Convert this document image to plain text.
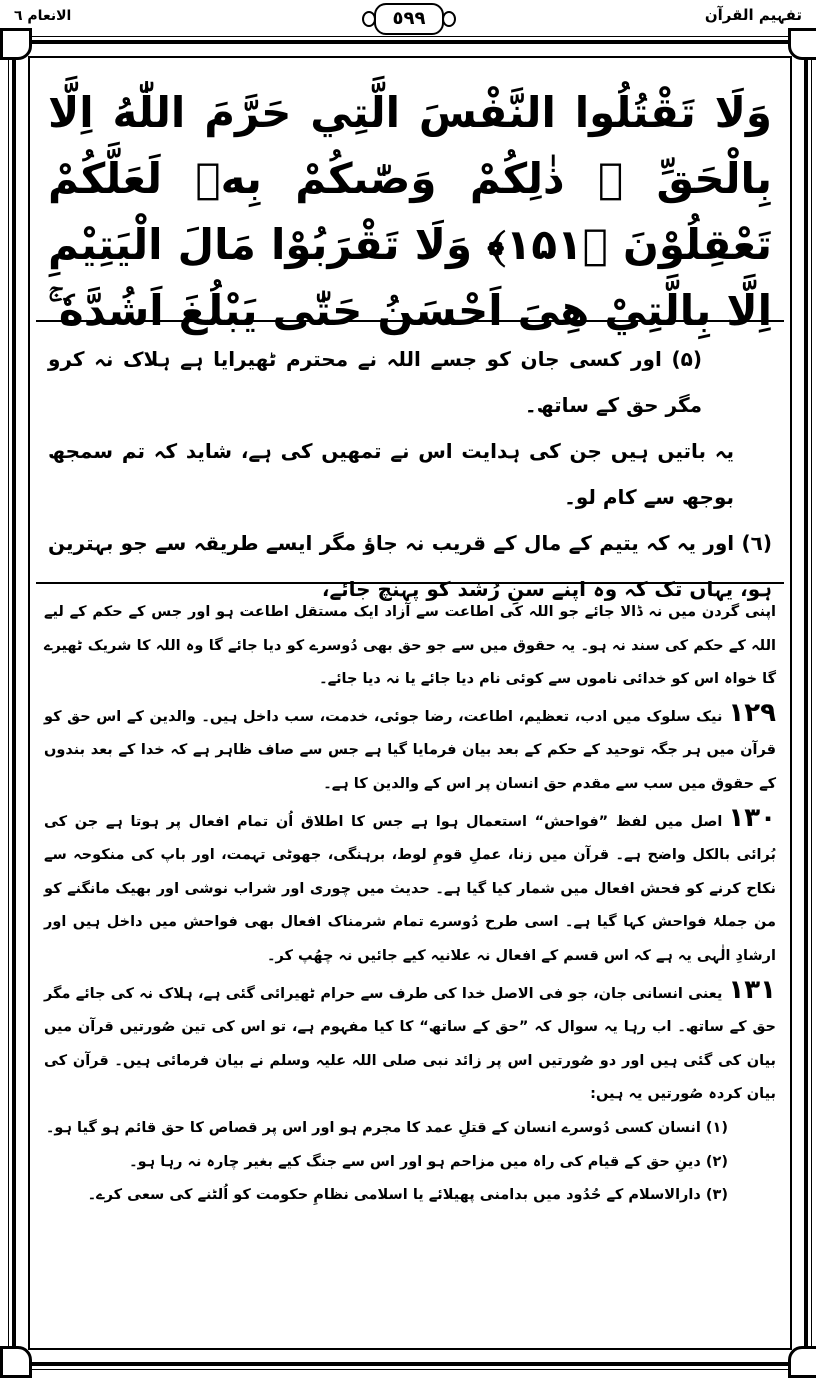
تفہیم القرآن
٥٩٩
الانعام ٦
وَلَا تَقْتُلُوا النَّفْسَ الَّتِي حَرَّمَ اللّٰهُ اِلَّا بِالْحَقِّ ۭ ذٰلِكُمْ وَصّٰىكُمْ بِهٖ لَعَلَّكُمْ تَعْقِلُوْنَ ﴿۱۵۱﴾ وَلَا تَقْرَبُوْا مَالَ الْيَتِيْمِ اِلَّا بِالَّتِيْ هِىَ اَحْسَنُ حَتّٰى يَبْلُغَ اَشُدَّهٗ ۚ

(۵) اور کسی جان کو جسے اللہ نے محترم ٹھیرایا ہے ہلاک نہ کرو مگر حق کے ساتھ۔

یہ باتیں ہیں جن کی ہدایت اس نے تمھیں کی ہے، شاید کہ تم سمجھ بوجھ سے کام لو۔

(٦) اور یہ کہ یتیم کے مال کے قریب نہ جاؤ مگر ایسے طریقہ سے جو بہترین ہو، یہاں تک کہ وہ اپنے سنِ رُشد کو پہنچ جائے،

اپنی گردن میں نہ ڈالا جائے جو اللہ کی اطاعت سے آزاد ایک مستقل اطاعت ہو اور جس کے حکم کے لیے اللہ کے حکم کی سند نہ ہو۔ یہ حقوق میں سے جو حق بھی دُوسرے کو دیا جائے گا وہ اللہ کا شریک ٹھیرے گا خواہ اس کو خدائی ناموں سے کوئی نام دیا جائے یا نہ دیا جائے۔

۱۲۹نیک سلوک میں ادب، تعظیم، اطاعت، رضا جوئی، خدمت، سب داخل ہیں۔ والدین کے اس حق کو قرآن میں ہر جگہ توحید کے حکم کے بعد بیان فرمایا گیا ہے جس سے صاف ظاہر ہے کہ خدا کے بعد بندوں کے حقوق میں سب سے مقدم حق انسان پر اس کے والدین کا ہے۔

۱۳۰اصل میں لفظ ”فواحش“ استعمال ہوا ہے جس کا اطلاق اُن تمام افعال پر ہوتا ہے جن کی بُرائی بالکل واضح ہے۔ قرآن میں زنا، عملِ قومِ لوط، برہنگی، جھوٹی تہمت، اور باپ کی منکوحہ سے نکاح کرنے کو فحش افعال میں شمار کیا گیا ہے۔ حدیث میں چوری اور شراب نوشی اور بھیک مانگنے کو من جملۂ فواحش کہا گیا ہے۔ اسی طرح دُوسرے تمام شرمناک افعال بھی فواحش میں داخل ہیں اور ارشادِ الٰہی یہ ہے کہ اس قسم کے افعال نہ علانیہ کیے جائیں نہ چھُپ کر۔

۱۳۱یعنی انسانی جان، جو فی الاصل خدا کی طرف سے حرام ٹھیرائی گئی ہے، ہلاک نہ کی جائے مگر حق کے ساتھ۔ اب رہا یہ سوال کہ ”حق کے ساتھ“ کا کیا مفہوم ہے، تو اس کی تین صُورتیں قرآن میں بیان کی گئی ہیں اور دو صُورتیں اس پر زائد نبی صلی اللہ علیہ وسلم نے بیان فرمائی ہیں۔ قرآن کی بیان کردہ صُورتیں یہ ہیں:

(۱) انسان کسی دُوسرے انسان کے قتلِ عمد کا مجرم ہو اور اس پر قصاص کا حق قائم ہو گیا ہو۔

(۲) دینِ حق کے قیام کی راہ میں مزاحم ہو اور اس سے جنگ کیے بغیر چارہ نہ رہا ہو۔

(۳) دارالاسلام کے حُدُود میں بدامنی پھیلائے یا اسلامی نظامِ حکومت کو اُلٹنے کی سعی کرے۔
